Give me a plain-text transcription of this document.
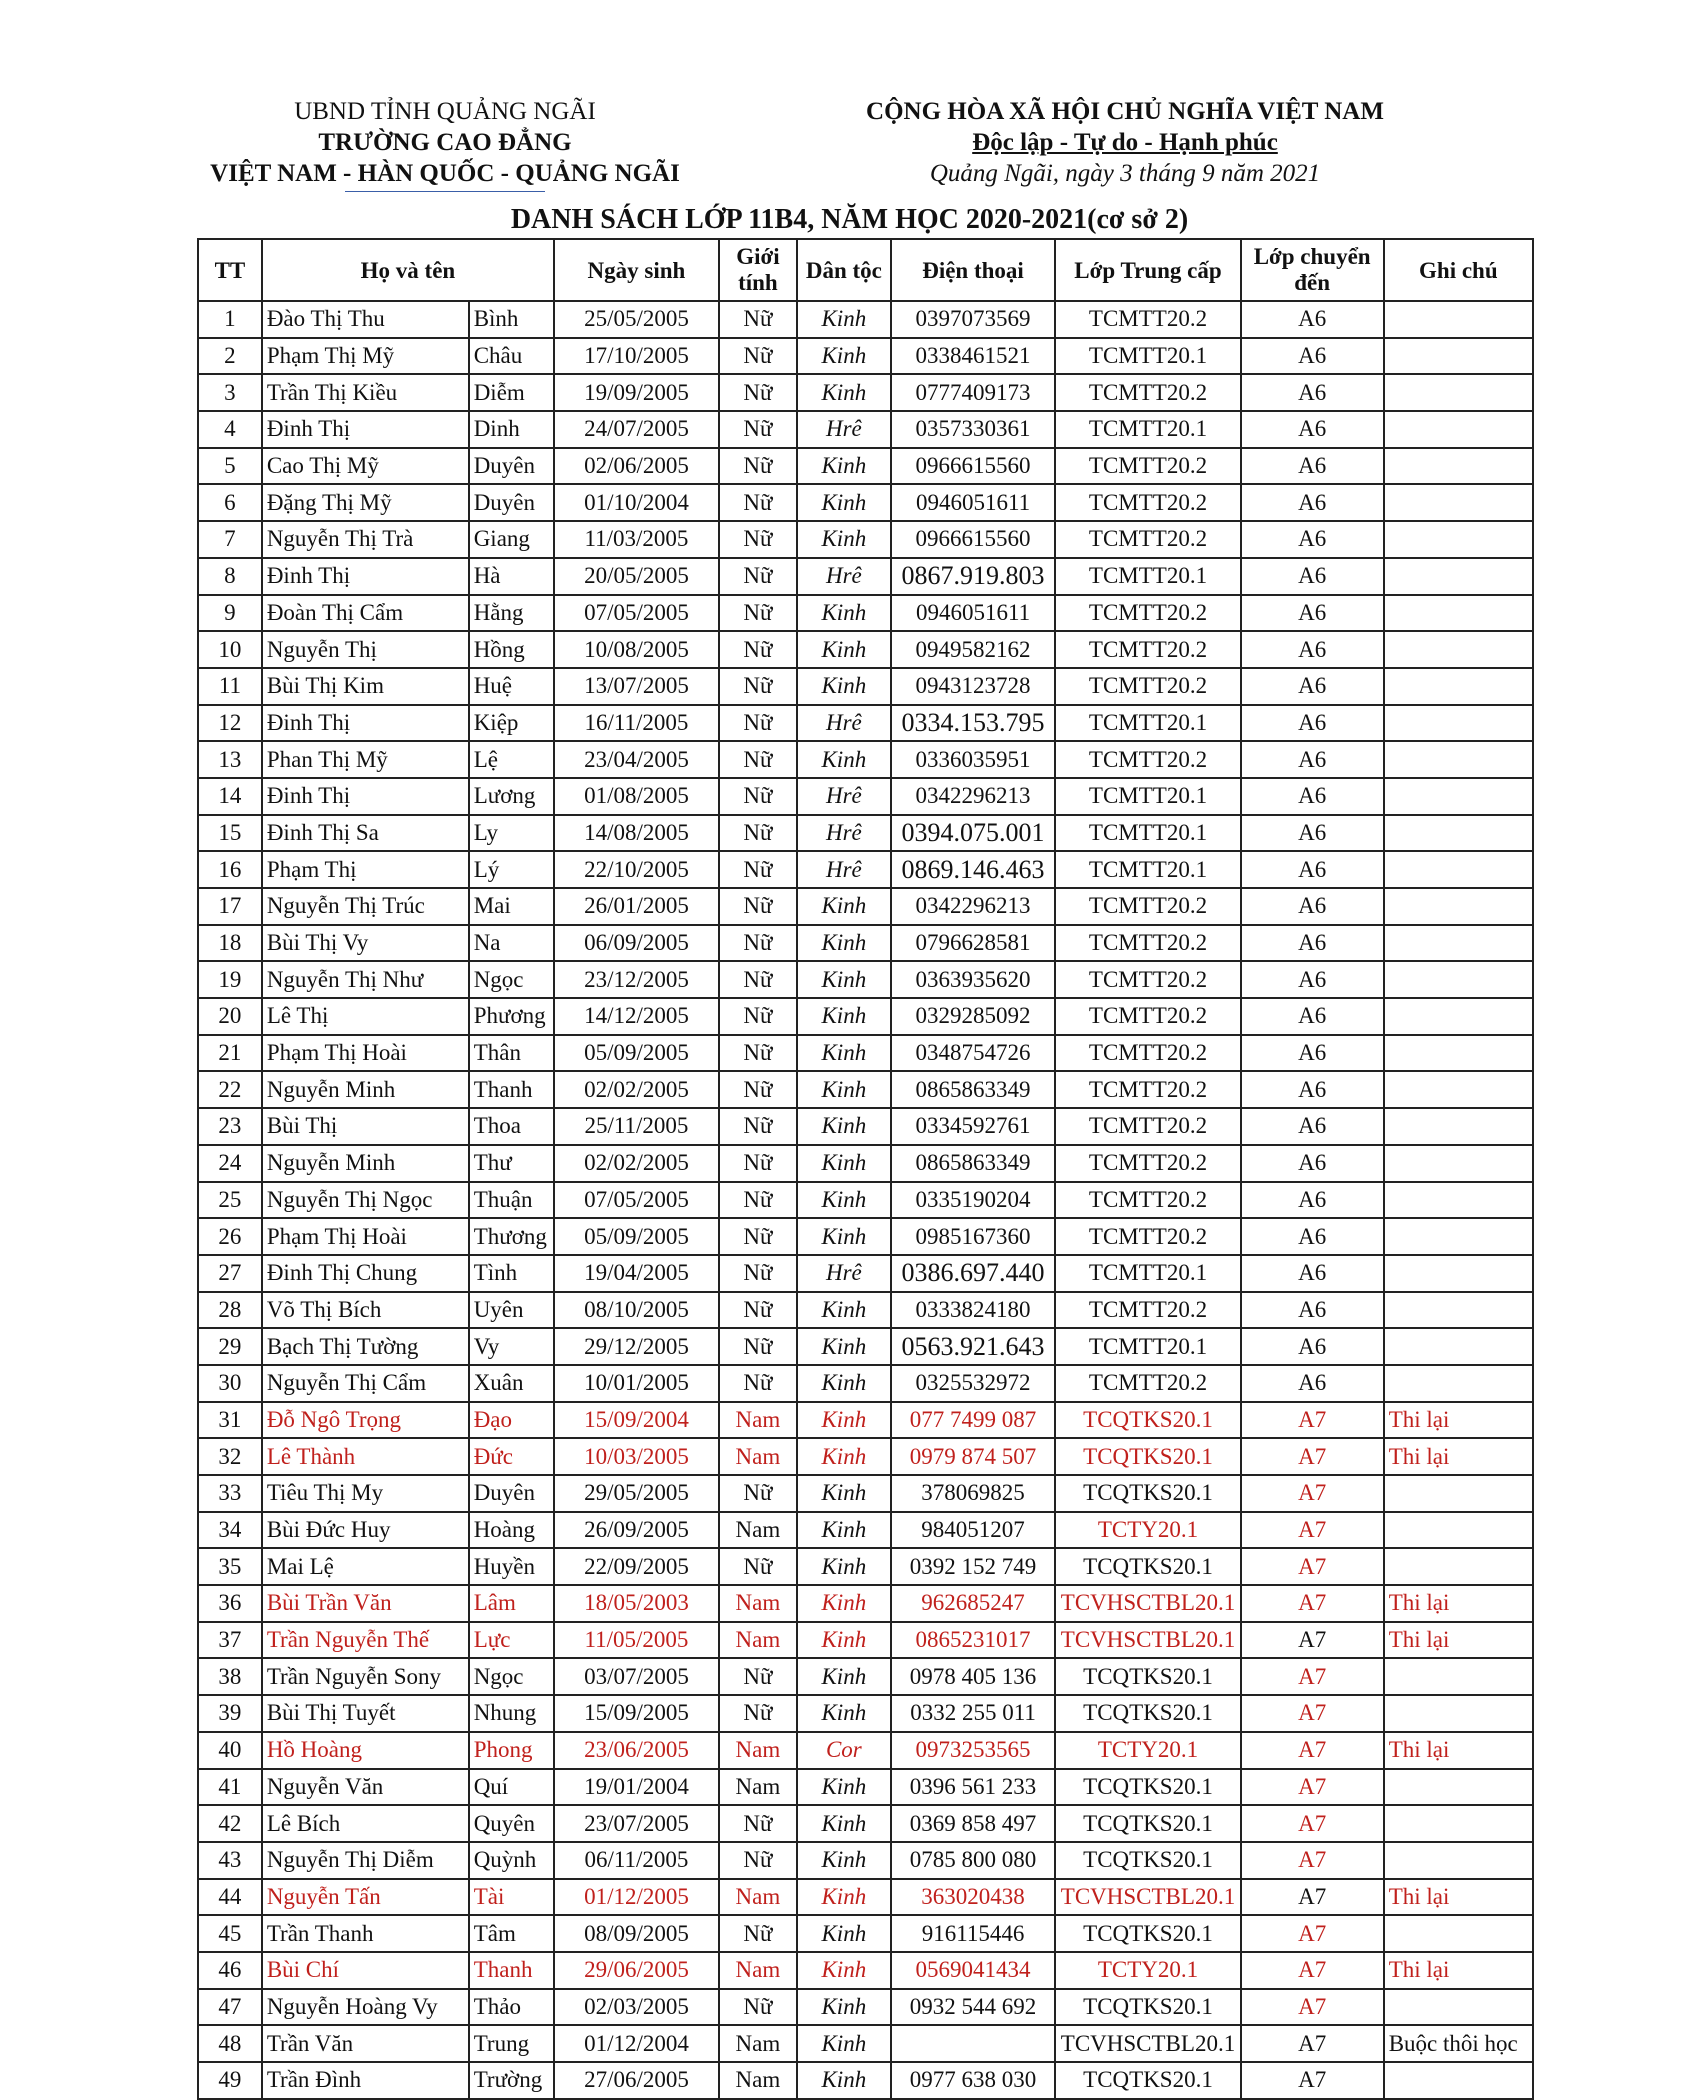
UBND TỈNH QUẢNG NGÃI
TRƯỜNG CAO ĐẲNG
VIỆT NAM - HÀN QUỐC - QUẢNG NGÃI
CỘNG HÒA XÃ HỘI CHỦ NGHĨA VIỆT NAM
Độc lập - Tự do - Hạnh phúc
Quảng Ngãi, ngày 3 tháng 9 năm 2021
DANH SÁCH LỚP 11B4, NĂM HỌC 2020-2021(cơ sở 2)
TT	Họ và tên		Ngày sinh	Giới tính	Dân tộc	Điện thoại	Lớp Trung cấp	Lớp chuyển đến	Ghi chú
1	Đào Thị Thu	Bình	25/05/2005	Nữ	Kinh	0397073569	TCMTT20.2	A6	
2	Phạm Thị Mỹ	Châu	17/10/2005	Nữ	Kinh	0338461521	TCMTT20.1	A6	
3	Trần Thị Kiều	Diễm	19/09/2005	Nữ	Kinh	0777409173	TCMTT20.2	A6	
4	Đinh Thị	Dinh	24/07/2005	Nữ	Hrê	0357330361	TCMTT20.1	A6	
5	Cao Thị Mỹ	Duyên	02/06/2005	Nữ	Kinh	0966615560	TCMTT20.2	A6	
6	Đặng Thị Mỹ	Duyên	01/10/2004	Nữ	Kinh	0946051611	TCMTT20.2	A6	
7	Nguyễn Thị Trà	Giang	11/03/2005	Nữ	Kinh	0966615560	TCMTT20.2	A6	
8	Đinh Thị	Hà	20/05/2005	Nữ	Hrê	0867.919.803	TCMTT20.1	A6	
9	Đoàn Thị Cẩm	Hằng	07/05/2005	Nữ	Kinh	0946051611	TCMTT20.2	A6	
10	Nguyễn Thị	Hồng	10/08/2005	Nữ	Kinh	0949582162	TCMTT20.2	A6	
11	Bùi Thị Kim	Huệ	13/07/2005	Nữ	Kinh	0943123728	TCMTT20.2	A6	
12	Đinh Thị	Kiệp	16/11/2005	Nữ	Hrê	0334.153.795	TCMTT20.1	A6	
13	Phan Thị Mỹ	Lệ	23/04/2005	Nữ	Kinh	0336035951	TCMTT20.2	A6	
14	Đinh Thị	Lương	01/08/2005	Nữ	Hrê	0342296213	TCMTT20.1	A6	
15	Đinh Thị Sa	Ly	14/08/2005	Nữ	Hrê	0394.075.001	TCMTT20.1	A6	
16	Phạm Thị	Lý	22/10/2005	Nữ	Hrê	0869.146.463	TCMTT20.1	A6	
17	Nguyễn Thị Trúc	Mai	26/01/2005	Nữ	Kinh	0342296213	TCMTT20.2	A6	
18	Bùi Thị Vy	Na	06/09/2005	Nữ	Kinh	0796628581	TCMTT20.2	A6	
19	Nguyễn Thị Như	Ngọc	23/12/2005	Nữ	Kinh	0363935620	TCMTT20.2	A6	
20	Lê Thị	Phương	14/12/2005	Nữ	Kinh	0329285092	TCMTT20.2	A6	
21	Phạm Thị Hoài	Thân	05/09/2005	Nữ	Kinh	0348754726	TCMTT20.2	A6	
22	Nguyễn Minh	Thanh	02/02/2005	Nữ	Kinh	0865863349	TCMTT20.2	A6	
23	Bùi Thị	Thoa	25/11/2005	Nữ	Kinh	0334592761	TCMTT20.2	A6	
24	Nguyễn Minh	Thư	02/02/2005	Nữ	Kinh	0865863349	TCMTT20.2	A6	
25	Nguyễn Thị Ngọc	Thuận	07/05/2005	Nữ	Kinh	0335190204	TCMTT20.2	A6	
26	Phạm Thị Hoài	Thương	05/09/2005	Nữ	Kinh	0985167360	TCMTT20.2	A6	
27	Đinh Thị Chung	Tình	19/04/2005	Nữ	Hrê	0386.697.440	TCMTT20.1	A6	
28	Võ Thị Bích	Uyên	08/10/2005	Nữ	Kinh	0333824180	TCMTT20.2	A6	
29	Bạch Thị Tường	Vy	29/12/2005	Nữ	Kinh	0563.921.643	TCMTT20.1	A6	
30	Nguyễn Thị Cẩm	Xuân	10/01/2005	Nữ	Kinh	0325532972	TCMTT20.2	A6	
31	Đỗ Ngô Trọng	Đạo	15/09/2004	Nam	Kinh	077 7499 087	TCQTKS20.1	A7	Thi lại
32	Lê Thành	Đức	10/03/2005	Nam	Kinh	0979 874 507	TCQTKS20.1	A7	Thi lại
33	Tiêu Thị My	Duyên	29/05/2005	Nữ	Kinh	378069825	TCQTKS20.1	A7	
34	Bùi Đức Huy	Hoàng	26/09/2005	Nam	Kinh	984051207	TCTY20.1	A7	
35	Mai Lệ	Huyền	22/09/2005	Nữ	Kinh	0392 152 749	TCQTKS20.1	A7	
36	Bùi Trần Văn	Lâm	18/05/2003	Nam	Kinh	962685247	TCVHSCTBL20.1	A7	Thi lại
37	Trần Nguyễn Thế	Lực	11/05/2005	Nam	Kinh	0865231017	TCVHSCTBL20.1	A7	Thi lại
38	Trần Nguyễn Sony	Ngọc	03/07/2005	Nữ	Kinh	0978 405 136	TCQTKS20.1	A7	
39	Bùi Thị Tuyết	Nhung	15/09/2005	Nữ	Kinh	0332 255 011	TCQTKS20.1	A7	
40	Hồ Hoàng	Phong	23/06/2005	Nam	Cor	0973253565	TCTY20.1	A7	Thi lại
41	Nguyễn Văn	Quí	19/01/2004	Nam	Kinh	0396 561 233	TCQTKS20.1	A7	
42	Lê Bích	Quyên	23/07/2005	Nữ	Kinh	0369 858 497	TCQTKS20.1	A7	
43	Nguyễn Thị Diễm	Quỳnh	06/11/2005	Nữ	Kinh	0785 800 080	TCQTKS20.1	A7	
44	Nguyễn Tấn	Tài	01/12/2005	Nam	Kinh	363020438	TCVHSCTBL20.1	A7	Thi lại
45	Trần Thanh	Tâm	08/09/2005	Nữ	Kinh	916115446	TCQTKS20.1	A7	
46	Bùi Chí	Thanh	29/06/2005	Nam	Kinh	0569041434	TCTY20.1	A7	Thi lại
47	Nguyễn Hoàng Vy	Thảo	02/03/2005	Nữ	Kinh	0932 544 692	TCQTKS20.1	A7	
48	Trần Văn	Trung	01/12/2004	Nam	Kinh		TCVHSCTBL20.1	A7	Buộc thôi học
49	Trần Đình	Trường	27/06/2005	Nam	Kinh	0977 638 030	TCQTKS20.1	A7	
